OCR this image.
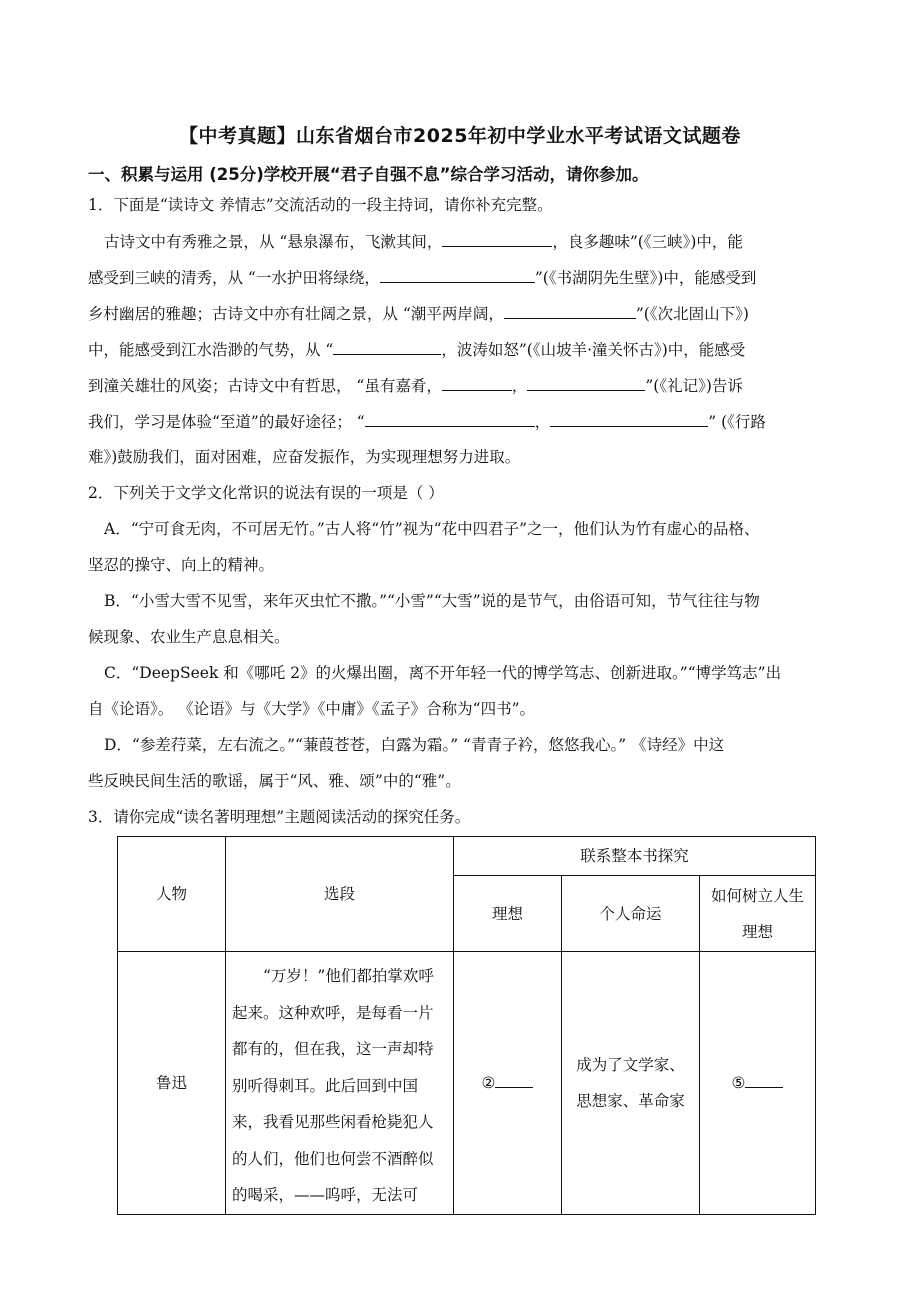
【中考真题】山东省烟台市2025年初中学业水平考试语文试题卷
一、积累与运用 (25分)学校开展“君子自强不息”综合学习活动，请你参加。
1．下面是“读诗文 养情志”交流活动的一段主持词，请你补充完整。
古诗文中有秀雅之景，从 “悬泉瀑布，飞漱其间，	，良多趣味”(《三峡》)中，能
感受到三峡的清秀，从 “一水护田将绿绕，	”(《书湖阴先生壁》)中，能感受到
乡村幽居的雅趣；古诗文中亦有壮阔之景，从 “潮平两岸阔，	”(《次北固山下》)
中，能感受到江水浩渺的气势，从 “	，波涛如怒”(《山坡羊·潼关怀古》)中，能感受
到潼关雄壮的风姿；古诗文中有哲思， “虽有嘉肴，	，	”(《礼记》)告诉
我们，学习是体验“至道”的最好途径； “	，	” (《行路
难》)鼓励我们，面对困难，应奋发振作，为实现理想努力进取。
2．下列关于文学文化常识的说法有误的一项是（ ）
A．“宁可食无肉，不可居无竹。”古人将“竹”视为“花中四君子”之一，他们认为竹有虚心的品格、
坚忍的操守、向上的精神。
B．“小雪大雪不见雪，来年灭虫忙不撒。”“小雪”“大雪”说的是节气，由俗语可知，节气往往与物
候现象、农业生产息息相关。
C．“DeepSeek 和《哪吒 2》的火爆出圈，离不开年轻一代的博学笃志、创新进取。”“博学笃志”出
自《论语》。 《论语》与《大学》《中庸》《孟子》合称为“四书”。
D．“参差荇菜，左右流之。”“蒹葭苍苍，白露为霜。” “青青子衿，悠悠我心。” 《诗经》中这
些反映民间生活的歌谣，属于“风、雅、颂”中的“雅”。
3．请你完成“读名著明理想”主题阅读活动的探究任务。
人物	选段	联系整本书探究		
		理想	个人命运	如何树立人生理想
鲁迅	“万岁！”他们都拍掌欢呼起来。这种欢呼，是每看一片都有的，但在我，这一声却特别听得刺耳。此后回到中国来，我看见那些闲看枪毙犯人的人们，他们也何尝不酒醉似的喝采，——呜呼，无法可	②	成为了文学家、思想家、革命家	⑤
